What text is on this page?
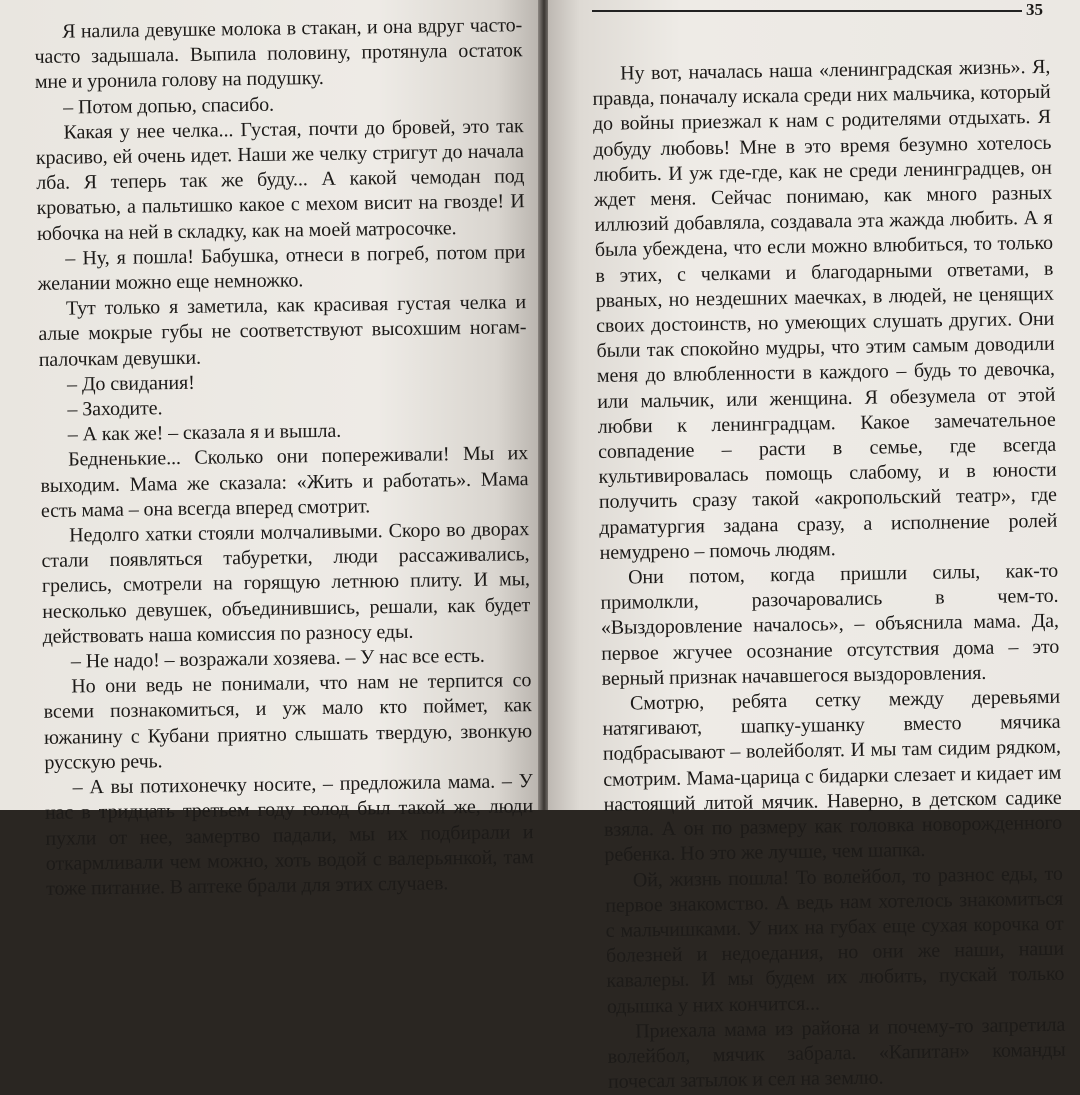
Я налила девушке молока в стакан, и она вдруг часто-часто задышала. Выпила половину, протянула остаток мне и уронила голову на подушку.

– Потом допью, спасибо.

Какая у нее челка... Густая, почти до бровей, это так красиво, ей очень идет. Наши же челку стригут до начала лба. Я теперь так же буду... А какой чемодан под кроватью, а пальтишко какое с мехом висит на гвозде! И юбочка на ней в складку, как на моей матросочке.

– Ну, я пошла! Бабушка, отнеси в погреб, потом при желании можно еще немножко.

Тут только я заметила, как красивая густая челка и алые мокрые губы не соответствуют высохшим ногам-палочкам девушки.

– До свидания!

– Заходите.

– А как же! – сказала я и вышла.

Бедненькие... Сколько они попереживали! Мы их выходим. Мама же сказала: «Жить и работать». Мама есть мама – она всегда вперед смотрит.

Недолго хатки стояли молчаливыми. Скоро во дворах стали появляться табуретки, люди рассаживались, грелись, смотрели на горящую летнюю плиту. И мы, несколько девушек, объединившись, решали, как будет действовать наша комиссия по разносу еды.

– Не надо! – возражали хозяева. – У нас все есть.

Но они ведь не понимали, что нам не терпится со всеми познакомиться, и уж мало кто поймет, как южанину с Кубани приятно слышать твердую, звонкую русскую речь.

– А вы потихонечку носите, – предложила мама. – У нас в тридцать третьем году голод был такой же, люди пухли от нее, замертво падали, мы их подбирали и откармливали чем можно, хоть водой с валерьянкой, там тоже питание. В аптеке брали для этих случаев.

35

Ну вот, началась наша «ленинградская жизнь». Я, правда, поначалу искала среди них мальчика, который до войны приезжал к нам с родителями отдыхать. Я добуду любовь! Мне в это время безумно хотелось любить. И уж где-где, как не среди ленинградцев, он ждет меня. Сейчас понимаю, как много разных иллюзий добавляла, создавала эта жажда любить. А я была убеждена, что если можно влюбиться, то только в этих, с челками и благодарными ответами, в рваных, но нездешних маечках, в людей, не ценящих своих достоинств, но умеющих слушать других. Они были так спокойно мудры, что этим самым доводили меня до влюбленности в каждого – будь то девочка, или мальчик, или женщина. Я обезумела от этой любви к ленинградцам. Какое замечательное совпадение – расти в семье, где всегда культивировалась помощь слабому, и в юности получить сразу такой «акропольский театр», где драматургия задана сразу, а исполнение ролей немудрено – помочь людям.

Они потом, когда пришли силы, как-то примолкли, разочаровались в чем-то. «Выздоровление началось», – объяснила мама. Да, первое жгучее осознание отсутствия дома – это верный признак начавшегося выздоровления.

Смотрю, ребята сетку между деревьями натягивают, шапку-ушанку вместо мячика подбрасывают – волейболят. И мы там сидим рядком, смотрим. Мама-царица с бидарки слезает и кидает им настоящий литой мячик. Наверно, в детском садике взяла. А он по размеру как головка новорожденного ребенка. Но это же лучше, чем шапка.

Ой, жизнь пошла! То волейбол, то разнос еды, то первое знакомство. А ведь нам хотелось знакомиться с мальчишками. У них на губах еще сухая корочка от болезней и недоедания, но они же наши, наши кавалеры. И мы будем их любить, пускай только одышка у них кончится...

Приехала мама из района и почему-то запретила волейбол, мячик забрала. «Капитан» команды почесал затылок и сел на землю.
